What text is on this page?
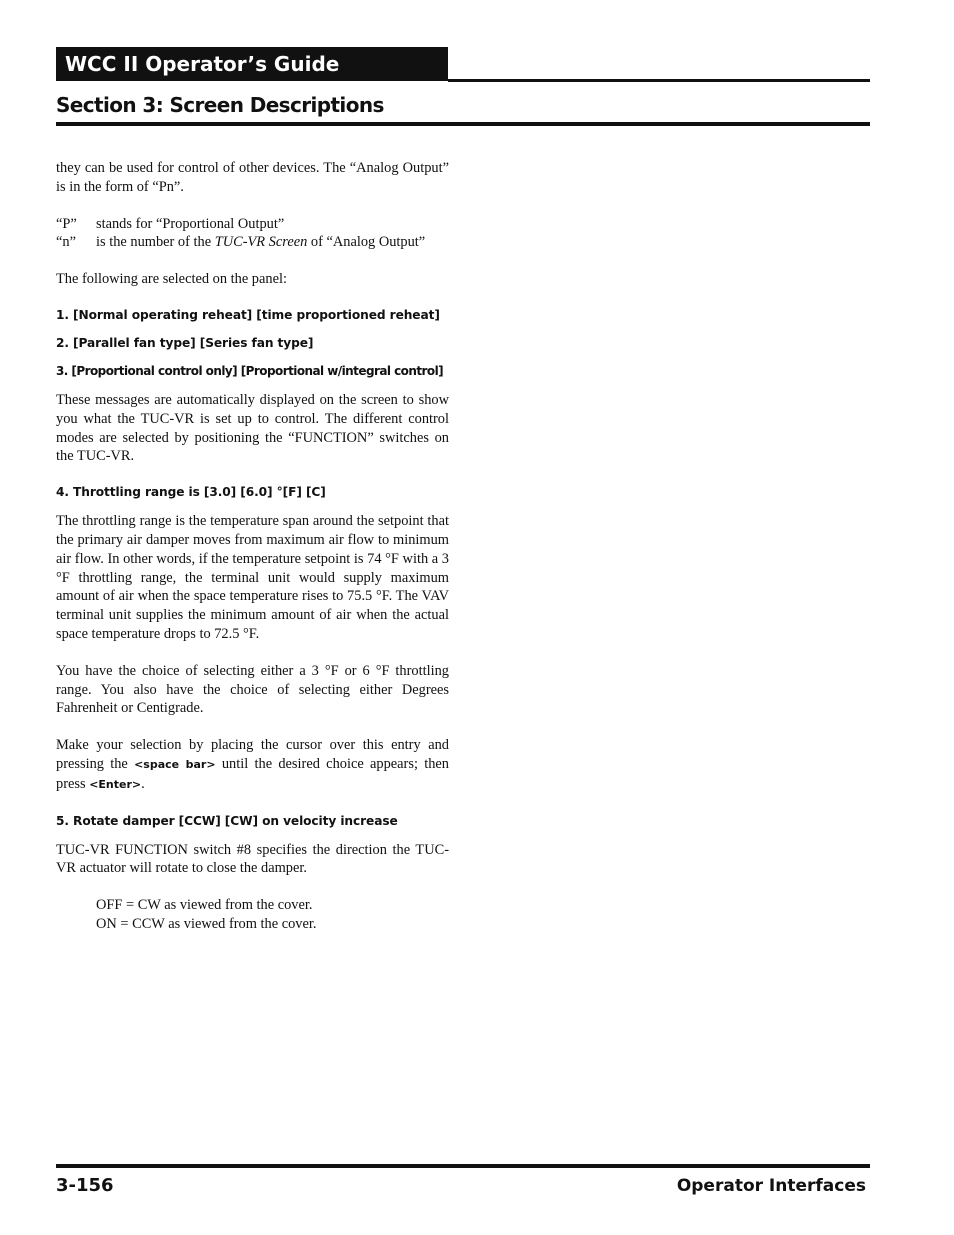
WCC II Operator’s Guide
Section 3: Screen Descriptions

they can be used for control of other devices. The “Analog Output” is in the form of “Pn”.

“P”	stands for “Proportional Output”
“n”	is the number of the TUC-VR Screen of “Analog Output”

The following are selected on the panel:

1. [Normal operating reheat] [time proportioned reheat]
2. [Parallel fan type] [Series fan type]
3. [Proportional control only] [Proportional w/integral control]

These messages are automatically displayed on the screen to show you what the TUC-VR is set up to control. The different control modes are selected by positioning the “FUNCTION” switches on the TUC-VR.

4. Throttling range is [3.0] [6.0] °[F] [C]

The throttling range is the temperature span around the setpoint that the primary air damper moves from maximum air flow to minimum air flow. In other words, if the temperature setpoint is 74 °F with a 3 °F throttling range, the terminal unit would supply maximum amount of air when the space temperature rises to 75.5 °F. The VAV terminal unit supplies the minimum amount of air when the actual space temperature drops to 72.5 °F.

You have the choice of selecting either a 3 °F or 6 °F throttling range. You also have the choice of selecting either Degrees Fahrenheit or Centigrade.

Make your selection by placing the cursor over this entry and pressing the <space bar> until the desired choice appears; then press <Enter>.

5. Rotate damper [CCW] [CW] on velocity increase

TUC-VR FUNCTION switch #8 specifies the direction the TUC-VR actuator will rotate to close the damper.

OFF = CW as viewed from the cover.
ON = CCW as viewed from the cover.
3-156	Operator Interfaces
